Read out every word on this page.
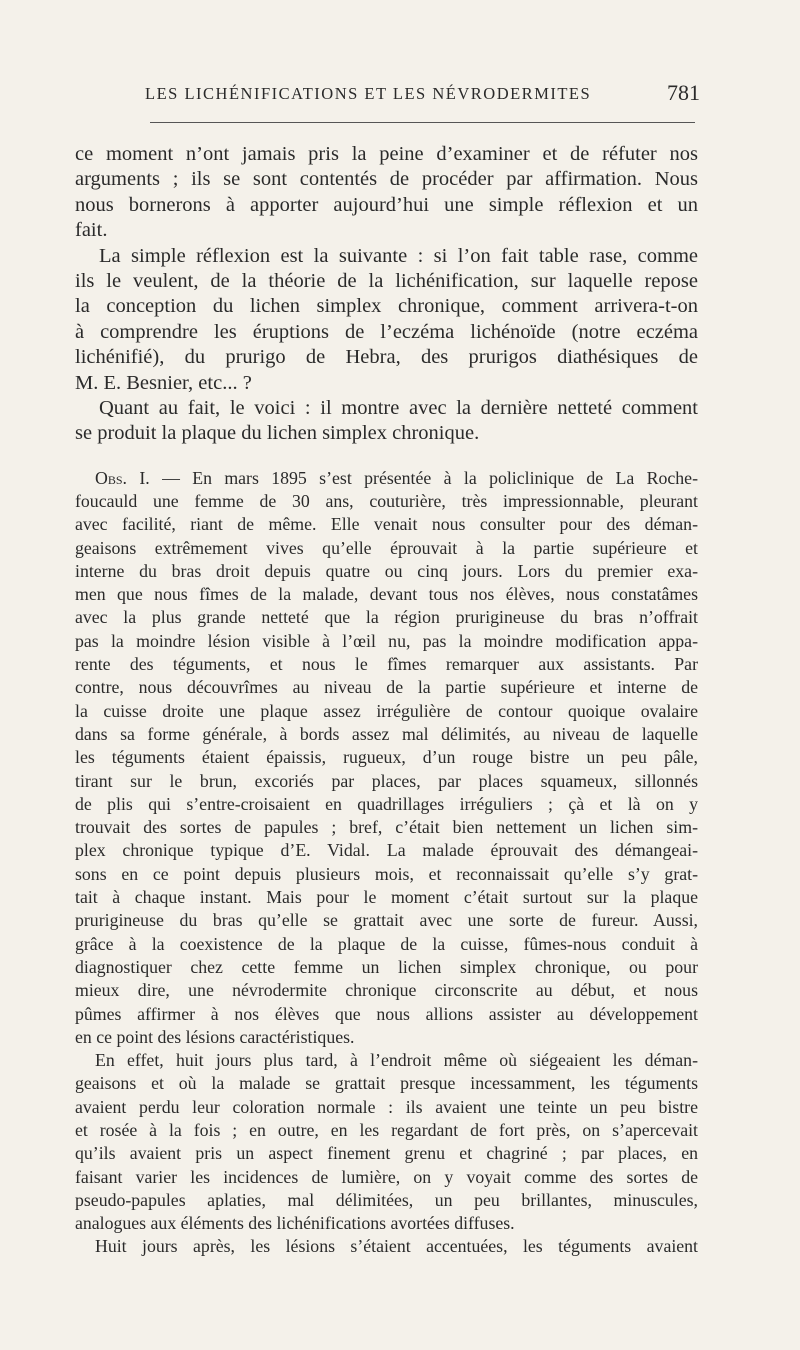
LES LICHÉNIFICATIONS ET LES NÉVRODERMITES	781
ce moment n’ont jamais pris la peine d’examiner et de réfuter nos
arguments ; ils se sont contentés de procéder par affirmation. Nous
nous bornerons à apporter aujourd’hui une simple réflexion et un
fait.
La simple réflexion est la suivante : si l’on fait table rase, comme
ils le veulent, de la théorie de la lichénification, sur laquelle repose
la conception du lichen simplex chronique, comment arrivera-t-on
à comprendre les éruptions de l’eczéma lichénoïde (notre eczéma
lichénifié), du prurigo de Hebra, des prurigos diathésiques de
M. E. Besnier, etc... ?
Quant au fait, le voici : il montre avec la dernière netteté comment
se produit la plaque du lichen simplex chronique.
Obs. I. — En mars 1895 s’est présentée à la policlinique de La Roche-
foucauld une femme de 30 ans, couturière, très impressionnable, pleurant
avec facilité, riant de même. Elle venait nous consulter pour des déman-
geaisons extrêmement vives qu’elle éprouvait à la partie supérieure et
interne du bras droit depuis quatre ou cinq jours. Lors du premier exa-
men que nous fîmes de la malade, devant tous nos élèves, nous constatâmes
avec la plus grande netteté que la région prurigineuse du bras n’offrait
pas la moindre lésion visible à l’œil nu, pas la moindre modification appa-
rente des téguments, et nous le fîmes remarquer aux assistants. Par
contre, nous découvrîmes au niveau de la partie supérieure et interne de
la cuisse droite une plaque assez irrégulière de contour quoique ovalaire
dans sa forme générale, à bords assez mal délimités, au niveau de laquelle
les téguments étaient épaissis, rugueux, d’un rouge bistre un peu pâle,
tirant sur le brun, excoriés par places, par places squameux, sillonnés
de plis qui s’entre-croisaient en quadrillages irréguliers ; çà et là on y
trouvait des sortes de papules ; bref, c’était bien nettement un lichen sim-
plex chronique typique d’E. Vidal. La malade éprouvait des démangeai-
sons en ce point depuis plusieurs mois, et reconnaissait qu’elle s’y grat-
tait à chaque instant. Mais pour le moment c’était surtout sur la plaque
prurigineuse du bras qu’elle se grattait avec une sorte de fureur. Aussi,
grâce à la coexistence de la plaque de la cuisse, fûmes-nous conduit à
diagnostiquer chez cette femme un lichen simplex chronique, ou pour
mieux dire, une névrodermite chronique circonscrite au début, et nous
pûmes affirmer à nos élèves que nous allions assister au développement
en ce point des lésions caractéristiques.
En effet, huit jours plus tard, à l’endroit même où siégeaient les déman-
geaisons et où la malade se grattait presque incessamment, les téguments
avaient perdu leur coloration normale : ils avaient une teinte un peu bistre
et rosée à la fois ; en outre, en les regardant de fort près, on s’apercevait
qu’ils avaient pris un aspect finement grenu et chagriné ; par places, en
faisant varier les incidences de lumière, on y voyait comme des sortes de
pseudo-papules aplaties, mal délimitées, un peu brillantes, minuscules,
analogues aux éléments des lichénifications avortées diffuses.
Huit jours après, les lésions s’étaient accentuées, les téguments avaient
